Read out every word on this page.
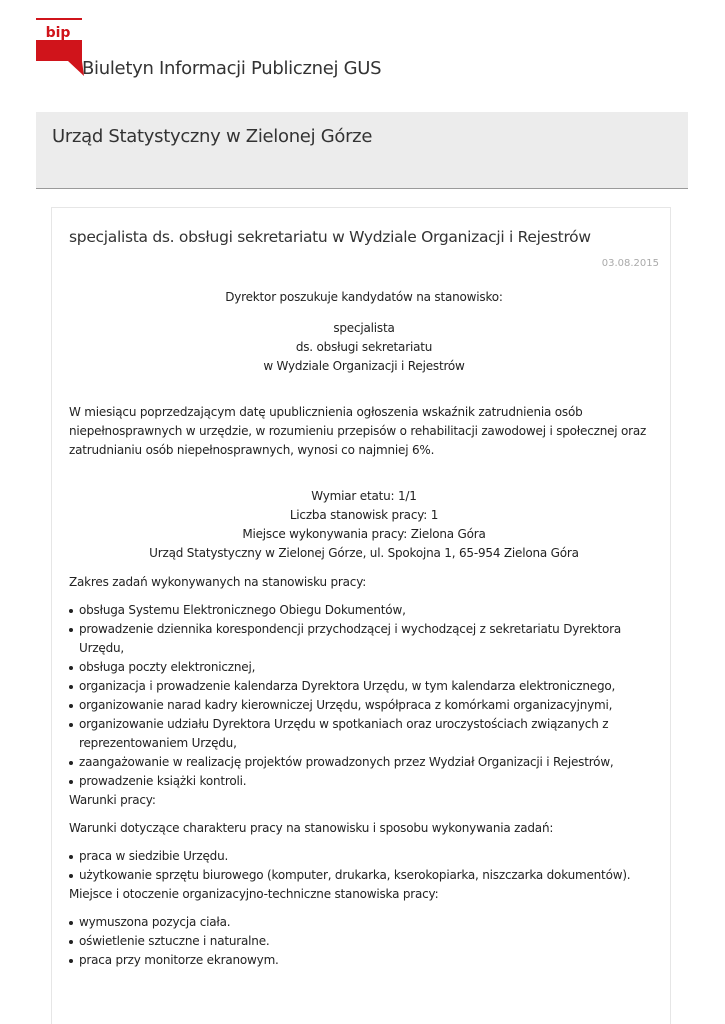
bip
Biuletyn Informacji Publicznej GUS
Urząd Statystyczny w Zielonej Górze
specjalista ds. obsługi sekretariatu w Wydziale Organizacji i Rejestrów
03.08.2015

Dyrektor poszukuje kandydatów na stanowisko:

specjalista
ds. obsługi sekretariatu
w Wydziale Organizacji i Rejestrów

W miesiącu poprzedzającym datę upublicznienia ogłoszenia wskaźnik zatrudnienia osób niepełnosprawnych w urzędzie, w rozumieniu przepisów o rehabilitacji zawodowej i społecznej oraz zatrudnianiu osób niepełnosprawnych, wynosi co najmniej 6%.

Wymiar etatu: 1/1
Liczba stanowisk pracy: 1
Miejsce wykonywania pracy: Zielona Góra
Urząd Statystyczny w Zielonej Górze, ul. Spokojna 1, 65-954 Zielona Góra

Zakres zadań wykonywanych na stanowisku pracy:

obsługa Systemu Elektronicznego Obiegu Dokumentów,
prowadzenie dziennika korespondencji przychodzącej i wychodzącej z sekretariatu Dyrektora Urzędu,
obsługa poczty elektronicznej,
organizacja i prowadzenie kalendarza Dyrektora Urzędu, w tym kalendarza elektronicznego,
organizowanie narad kadry kierowniczej Urzędu, współpraca z komórkami organizacyjnymi,
organizowanie udziału Dyrektora Urzędu w spotkaniach oraz uroczystościach związanych z reprezentowaniem Urzędu,
zaangażowanie w realizację projektów prowadzonych przez Wydział Organizacji i Rejestrów,
prowadzenie książki kontroli.

Warunki pracy:

Warunki dotyczące charakteru pracy na stanowisku i sposobu wykonywania zadań:

praca w siedzibie Urzędu.
użytkowanie sprzętu biurowego (komputer, drukarka, kserokopiarka, niszczarka dokumentów).

Miejsce i otoczenie organizacyjno-techniczne stanowiska pracy:

wymuszona pozycja ciała.
oświetlenie sztuczne i naturalne.
praca przy monitorze ekranowym.
